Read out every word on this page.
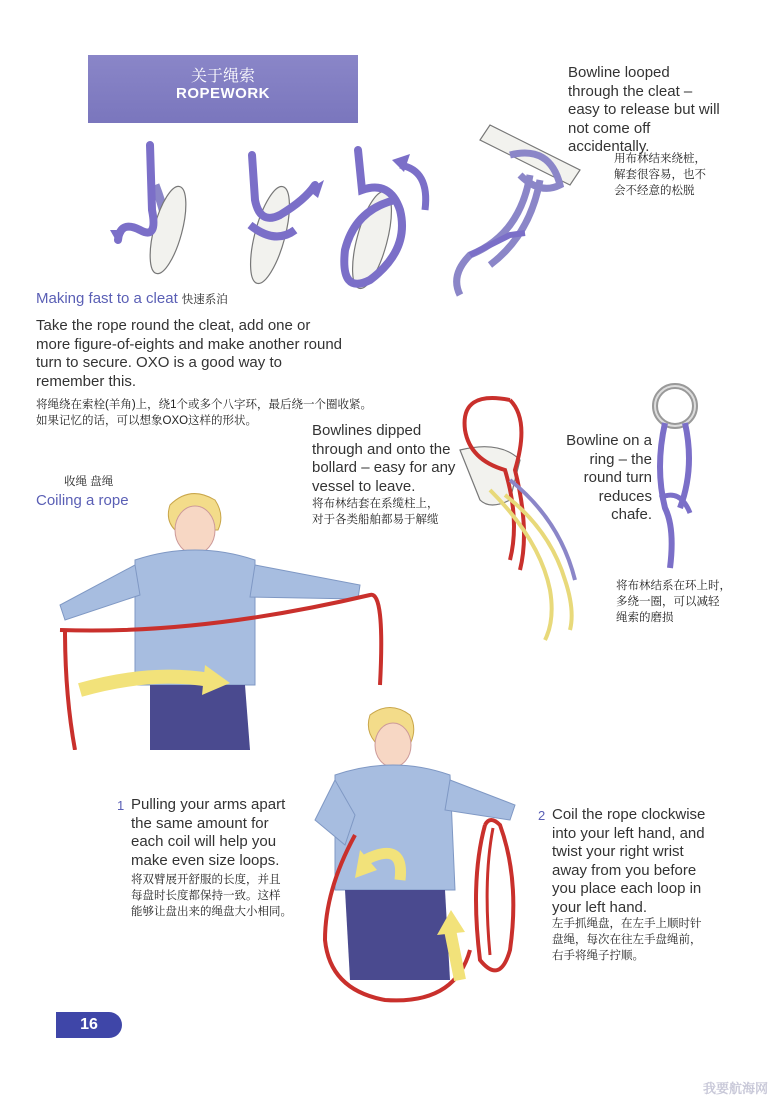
关于绳索
ROPEWORK
Bowline looped
through the cleat –
easy to release but will
not come off
accidentally.
用布林结来绕桩，
解套很容易，也不
会不经意的松脱
Making fast to a cleat 快速系泊
Take the rope round the cleat, add one or
more figure-of-eights and make another round
turn to secure. OXO is a good way to
remember this.
将绳绕在索栓(羊角)上，绕1个或多个八字环，最后绕一个圈收紧。
如果记忆的话，可以想象OXO这样的形状。
Bowlines dipped
through and onto the
bollard – easy for any
vessel to leave.
将布林结套在系缆柱上，
对于各类船舶都易于解缆
Bowline on a
ring – the
round turn
reduces
chafe.
将布林结系在环上时，
多绕一圈，可以减轻
绳索的磨损
收绳 盘绳
Coiling a rope
1 Pulling your arms apart
the same amount for
each coil will help you
make even size loops.
将双臂展开舒服的长度，并且
每盘时长度都保持一致。这样
能够让盘出来的绳盘大小相同。
2 Coil the rope clockwise
into your left hand, and
twist your right wrist
away from you before
you place each loop in
your left hand.
左手抓绳盘，在左手上顺时针
盘绳，每次在往左手盘绳前，
右手将绳子拧顺。
16
我要航海网
